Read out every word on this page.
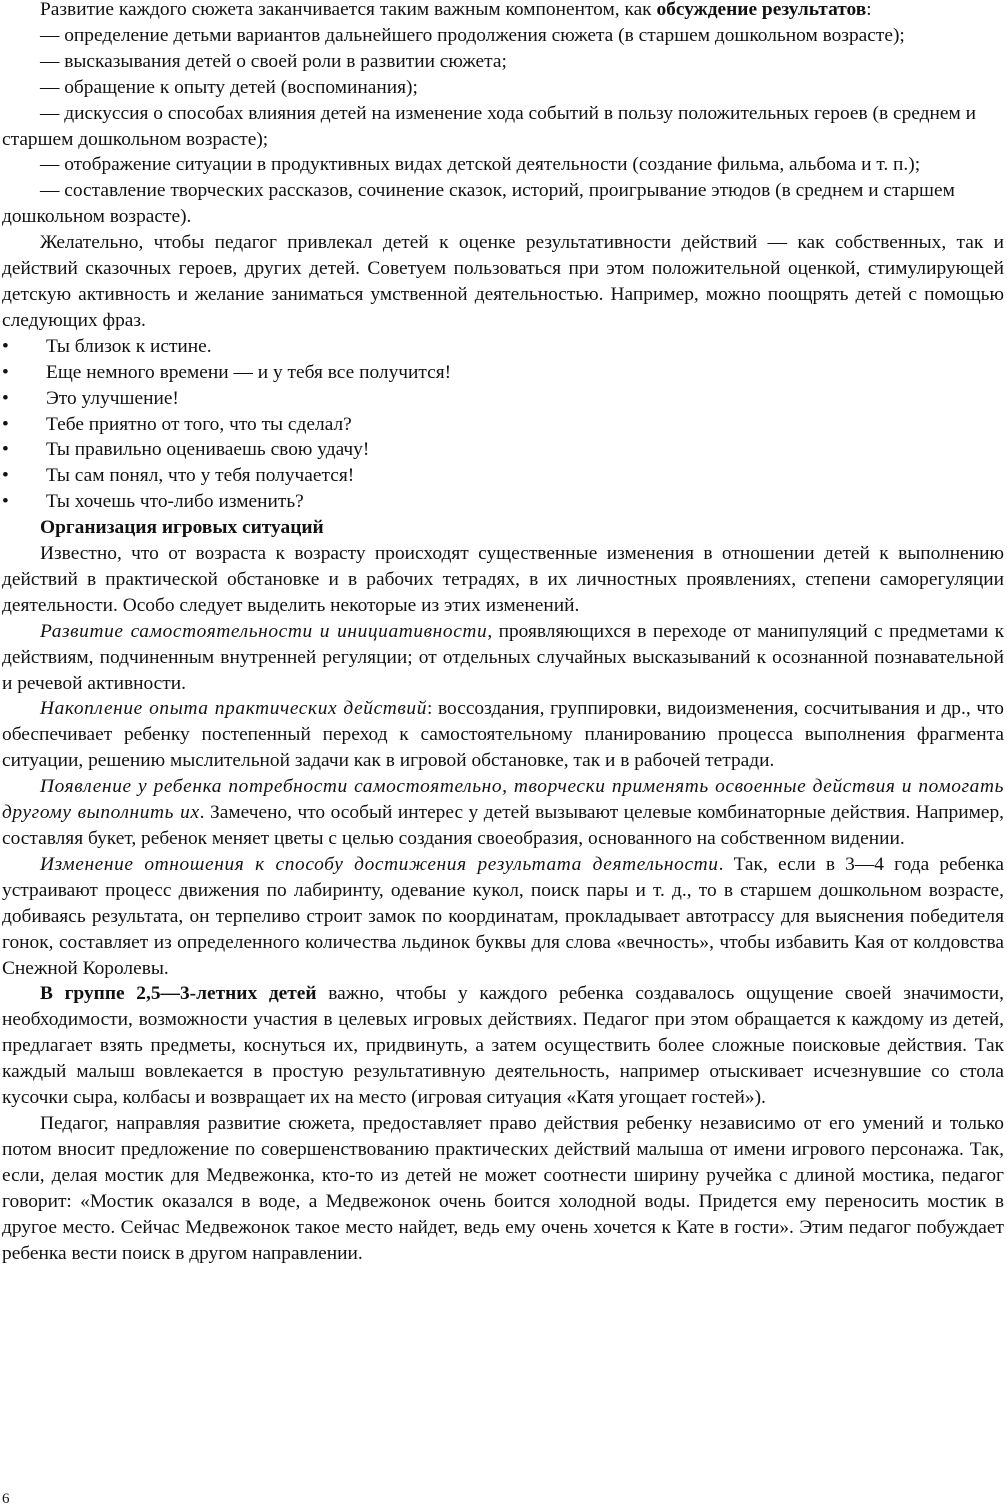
Развитие каждого сюжета заканчивается таким важным компонентом, как обсуждение результатов:

— определение детьми вариантов дальнейшего продолжения сюжета (в старшем дошкольном возрасте);

— высказывания детей о своей роли в развитии сюжета;

— обращение к опыту детей (воспоминания);

— дискуссия о способах влияния детей на изменение хода событий в пользу положительных героев (в среднем и старшем дошкольном возрасте);

— отображение ситуации в продуктивных видах детской деятельности (создание фильма, альбома и т. п.);

— составление творческих рассказов, сочинение сказок, историй, проигрывание этюдов (в среднем и старшем дошкольном возрасте).

Желательно, чтобы педагог привлекал детей к оценке результативности действий — как собственных, так и действий сказочных героев, других детей. Советуем пользоваться при этом положительной оценкой, стимулирующей детскую активность и желание заниматься умственной деятельностью. Например, можно поощрять детей с помощью следующих фраз.

• Ты близок к истине.
• Еще немного времени — и у тебя все получится!
• Это улучшение!
• Тебе приятно от того, что ты сделал?
• Ты правильно оцениваешь свою удачу!
• Ты сам понял, что у тебя получается!
• Ты хочешь что-либо изменить?

Организация игровых ситуаций

Известно, что от возраста к возрасту происходят существенные изменения в отношении детей к выполнению действий в практической обстановке и в рабочих тетрадях, в их личностных проявлениях, степени саморегуляции деятельности. Особо следует выделить некоторые из этих изменений.

Развитие самостоятельности и инициативности, проявляющихся в переходе от манипуляций с предметами к действиям, подчиненным внутренней регуляции; от отдельных случайных высказываний к осознанной познавательной и речевой активности.

Накопление опыта практических действий: воссоздания, группировки, видоизменения, сосчитывания и др., что обеспечивает ребенку постепенный переход к самостоятельному планированию процесса выполнения фрагмента ситуации, решению мыслительной задачи как в игровой обстановке, так и в рабочей тетради.

Появление у ребенка потребности самостоятельно, творчески применять освоенные действия и помогать другому выполнить их. Замечено, что особый интерес у детей вызывают целевые комбинаторные действия. Например, составляя букет, ребенок меняет цветы с целью создания своеобразия, основанного на собственном видении.

Изменение отношения к способу достижения результата деятельности. Так, если в 3—4 года ребенка устраивают процесс движения по лабиринту, одевание кукол, поиск пары и т. д., то в старшем дошкольном возрасте, добиваясь результата, он терпеливо строит замок по координатам, прокладывает автотрассу для выяснения победителя гонок, составляет из определенного количества льдинок буквы для слова «вечность», чтобы избавить Кая от колдовства Снежной Королевы.

В группе 2,5—3-летних детей важно, чтобы у каждого ребенка создавалось ощущение своей значимости, необходимости, возможности участия в целевых игровых действиях. Педагог при этом обращается к каждому из детей, предлагает взять предметы, коснуться их, придвинуть, а затем осуществить более сложные поисковые действия. Так каждый малыш вовлекается в простую результативную деятельность, например отыскивает исчезнувшие со стола кусочки сыра, колбасы и возвращает их на место (игровая ситуация «Катя угощает гостей»).

Педагог, направляя развитие сюжета, предоставляет право действия ребенку независимо от его умений и только потом вносит предложение по совершенствованию практических действий малыша от имени игрового персонажа. Так, если, делая мостик для Медвежонка, кто-то из детей не может соотнести ширину ручейка с длиной мостика, педагог говорит: «Мостик оказался в воде, а Медвежонок очень боится холодной воды. Придется ему переносить мостик в другое место. Сейчас Медвежонок такое место найдет, ведь ему очень хочется к Кате в гости». Этим педагог побуждает ребенка вести поиск в другом направлении.

6
